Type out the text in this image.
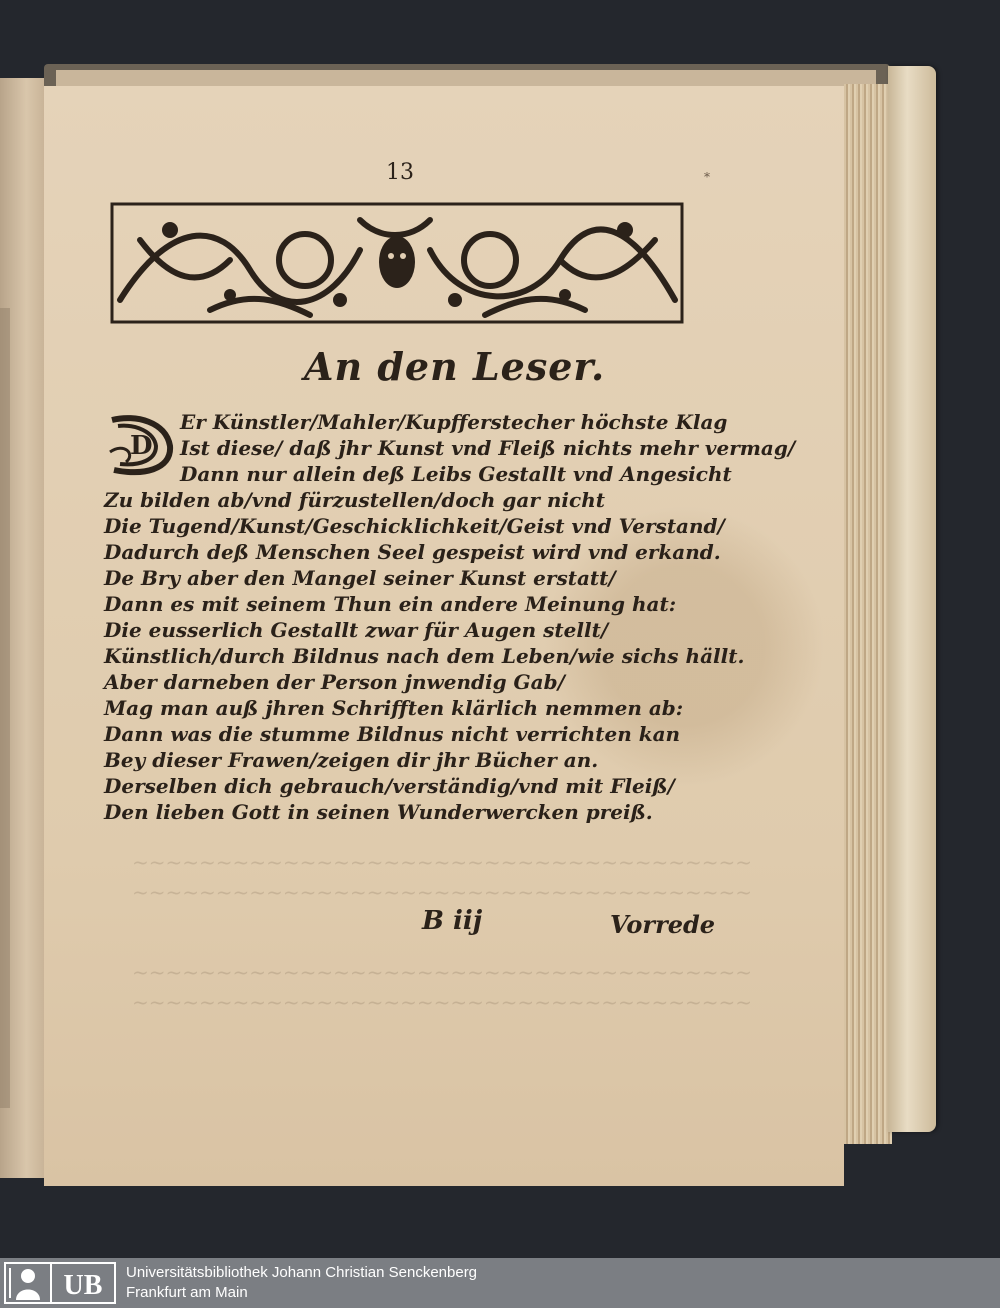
~~~~~~~~~~~~~~~~~~~~~~~~~~~~~~~~~~~~~
~~~~~~~~~~~~~~~~~~~~~~~~~~~~~~~~~~~~~
~~~~~~~~~~~~~~~~~~~~~~~~~~~~~~~~~~~~~
~~~~~~~~~~~~~~~~~~~~~~~~~~~~~~~~~~~~~
13	*
An den Leser.
D
Er Künstler/Mahler/Kupfferstecher höchste Klag
Ist diese/ daß jhr Kunst vnd Fleiß nichts mehr vermag/
Dann nur allein deß Leibs Gestallt vnd Angesicht
Zu bilden ab/vnd fürzustellen/doch gar nicht
Die Tugend/Kunst/Geschicklichkeit/Geist vnd Verstand/
Dadurch deß Menschen Seel gespeist wird vnd erkand.
De Bry aber den Mangel seiner Kunst erstatt/
Dann es mit seinem Thun ein andere Meinung hat:
Die eusserlich Gestallt zwar für Augen stellt/
Künstlich/durch Bildnus nach dem Leben/wie sichs hällt.
Aber darneben der Person jnwendig Gab/
Mag man auß jhren Schrifften klärlich nemmen ab:
Dann was die stumme Bildnus nicht verrichten kan
Bey dieser Frawen/zeigen dir jhr Bücher an.
Derselben dich gebrauch/verständig/vnd mit Fleiß/
Den lieben Gott in seinen Wunderwercken preiß.
B iij	Vorrede
UB Universitätsbibliothek Johann Christian Senckenberg
Frankfurt am Main
